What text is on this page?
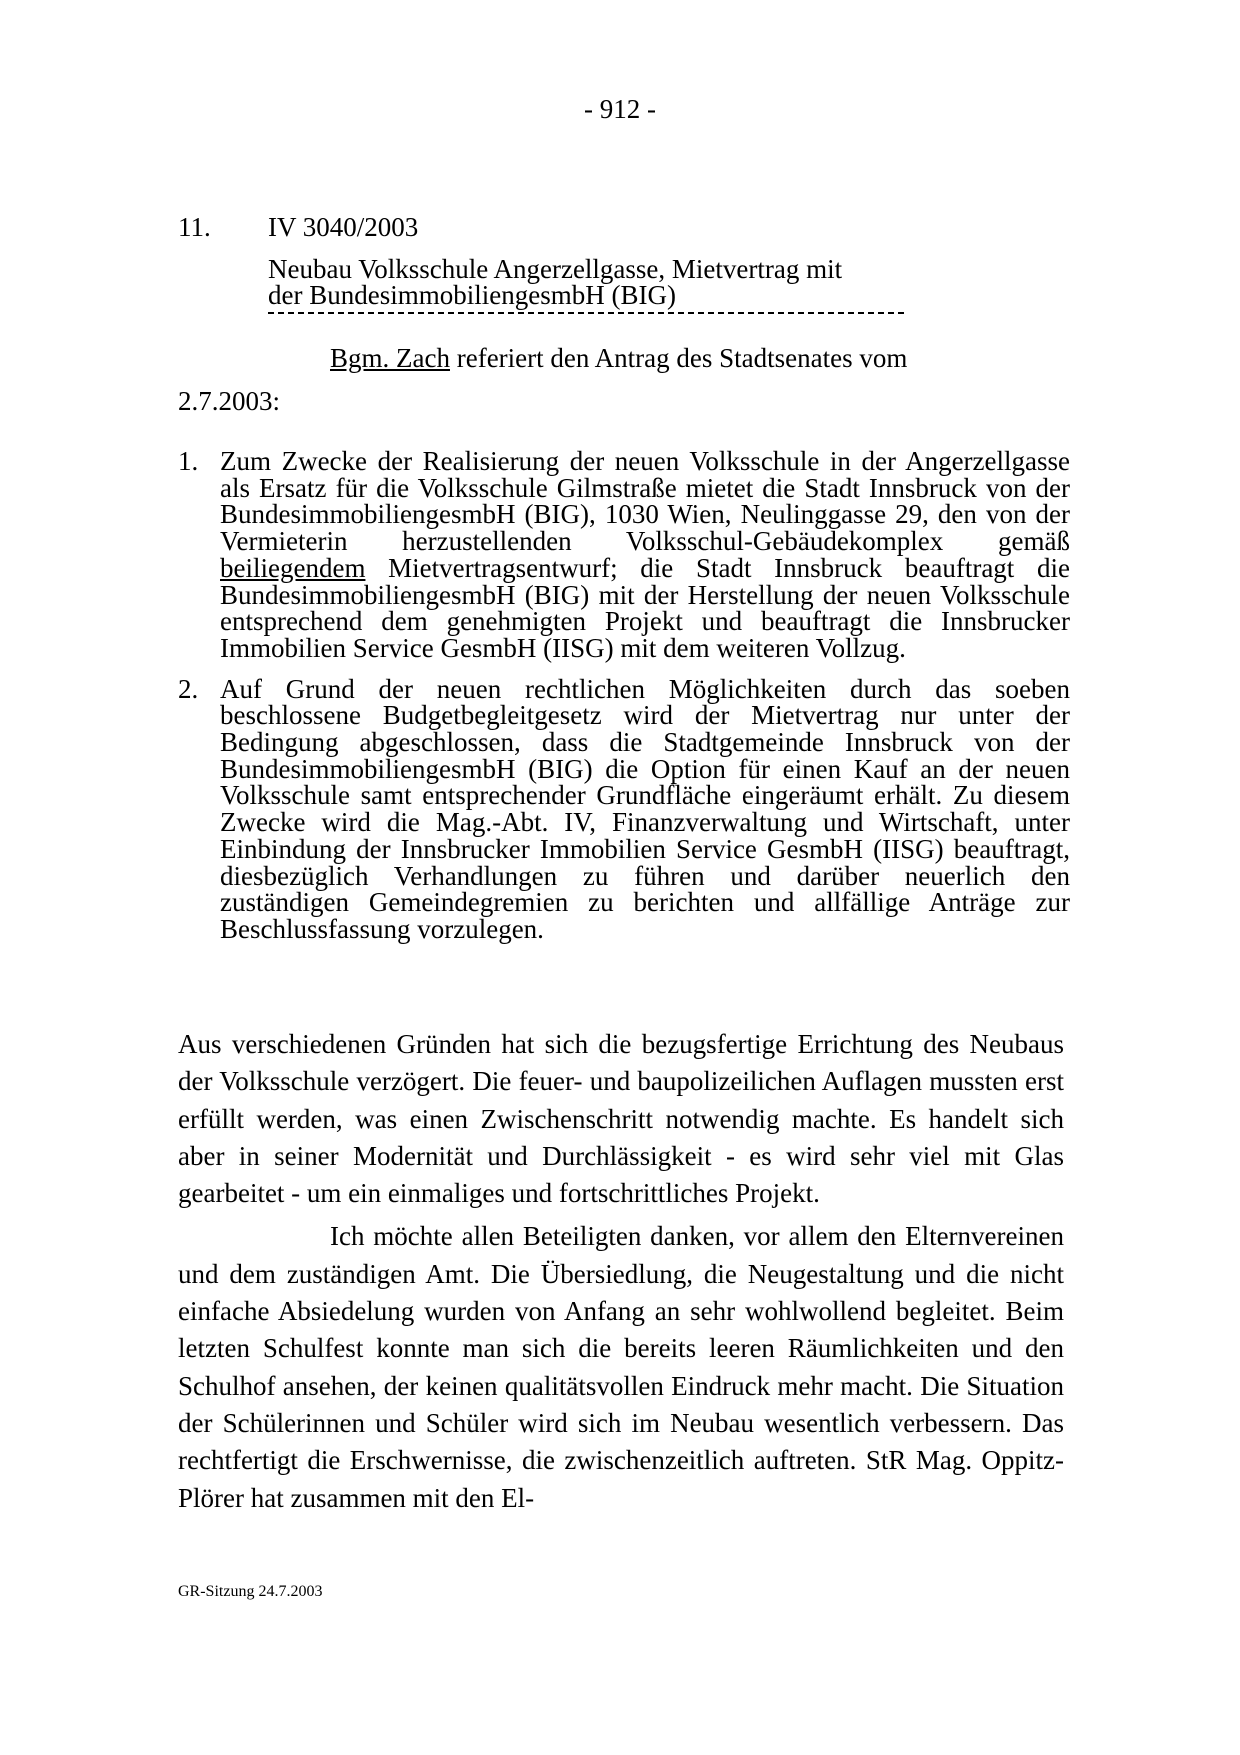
- 912 -
11. IV 3040/2003
Neubau Volksschule Angerzellgasse, Mietvertrag mit
der BundesimmobiliengesmbH (BIG)
Bgm. Zach referiert den Antrag des Stadtsenates vom
2.7.2003:
1. Zum Zwecke der Realisierung der neuen Volksschule in der Angerzellgasse als Ersatz für die Volksschule Gilmstraße mietet die Stadt Innsbruck von der BundesimmobiliengesmbH (BIG), 1030 Wien, Neulinggasse 29, den von der Vermieterin herzustellenden Volksschul-Gebäudekomplex gemäß beiliegendem Mietvertragsentwurf; die Stadt Innsbruck beauftragt die BundesimmobiliengesmbH (BIG) mit der Herstellung der neuen Volksschule entsprechend dem genehmigten Projekt und beauftragt die Innsbrucker Immobilien Service GesmbH (IISG) mit dem weiteren Vollzug.
2. Auf Grund der neuen rechtlichen Möglichkeiten durch das soeben beschlossene Budgetbegleitgesetz wird der Mietvertrag nur unter der Bedingung abgeschlossen, dass die Stadtgemeinde Innsbruck von der BundesimmobiliengesmbH (BIG) die Option für einen Kauf an der neuen Volksschule samt entsprechender Grundfläche eingeräumt erhält. Zu diesem Zwecke wird die Mag.-Abt. IV, Finanzverwaltung und Wirtschaft, unter Einbindung der Innsbrucker Immobilien Service GesmbH (IISG) beauftragt, diesbezüglich Verhandlungen zu führen und darüber neuerlich den zuständigen Gemeindegremien zu berichten und allfällige Anträge zur Beschlussfassung vorzulegen.

Aus verschiedenen Gründen hat sich die bezugsfertige Errichtung des Neubaus der Volksschule verzögert. Die feuer- und baupolizeilichen Auflagen mussten erst erfüllt werden, was einen Zwischenschritt notwendig machte. Es handelt sich aber in seiner Modernität und Durchlässigkeit - es wird sehr viel mit Glas gearbeitet - um ein einmaliges und fortschrittliches Projekt.

Ich möchte allen Beteiligten danken, vor allem den Elternvereinen und dem zuständigen Amt. Die Übersiedlung, die Neugestaltung und die nicht einfache Absiedelung wurden von Anfang an sehr wohlwollend begleitet. Beim letzten Schulfest konnte man sich die bereits leeren Räumlichkeiten und den Schulhof ansehen, der keinen qualitätsvollen Eindruck mehr macht. Die Situation der Schülerinnen und Schüler wird sich im Neubau wesentlich verbessern. Das rechtfertigt die Erschwernisse, die zwischenzeitlich auftreten. StR Mag. Oppitz-Plörer hat zusammen mit den El-

GR-Sitzung 24.7.2003
